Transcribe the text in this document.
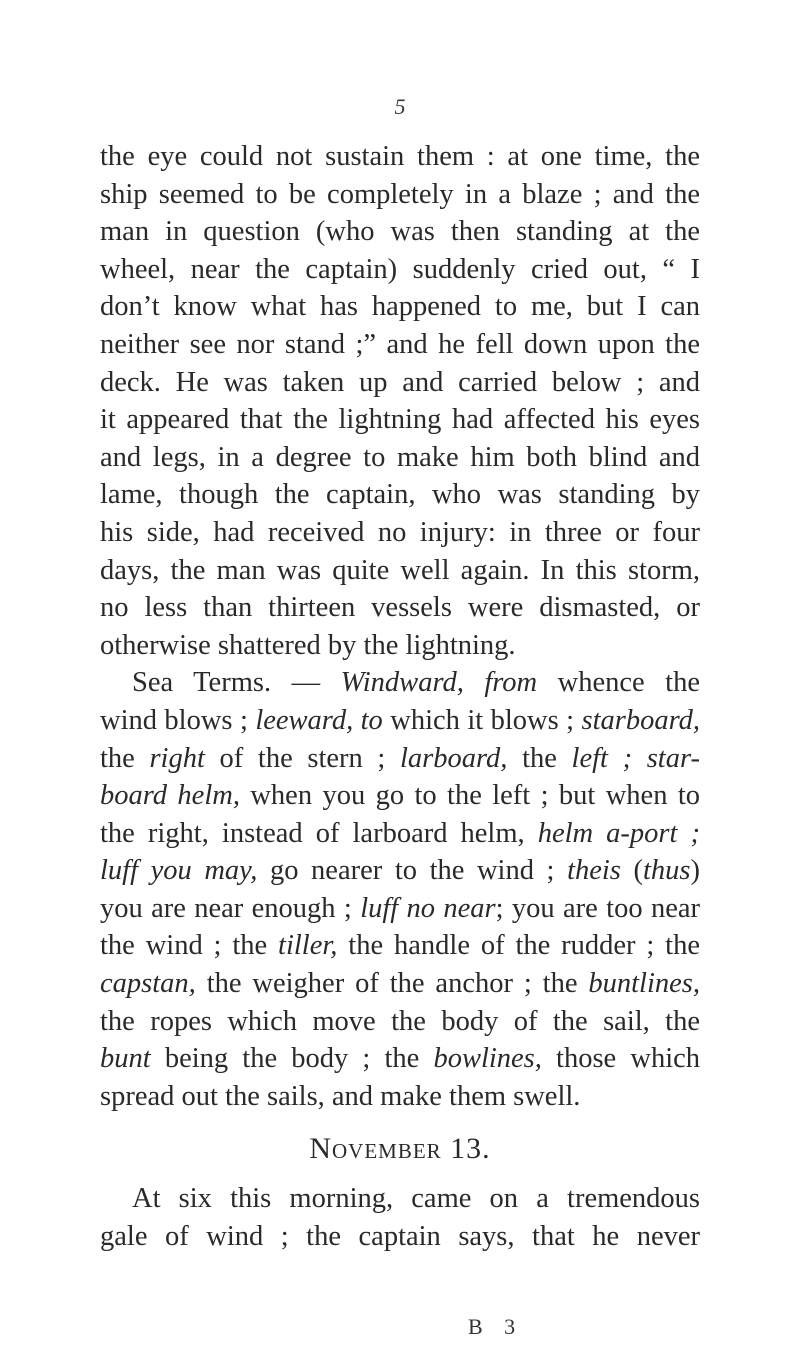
5
the eye could not sustain them : at one time, the
ship seemed to be completely in a blaze ; and the
man in question (who was then standing at the
wheel, near the captain) suddenly cried out, “ I
don’t know what has happened to me, but I can
neither see nor stand ;” and he fell down upon the
deck. He was taken up and carried below ; and
it appeared that the lightning had affected his eyes
and legs, in a degree to make him both blind and
lame, though the captain, who was standing by
his side, had received no injury: in three or four
days, the man was quite well again. In this storm,
no less than thirteen vessels were dismasted, or
otherwise shattered by the lightning.
Sea Terms. — Windward, from whence the
wind blows ; leeward, to which it blows ; starboard,
the right of the stern ; larboard, the left ; star-
board helm, when you go to the left ; but when to
the right, instead of larboard helm, helm a-port ;
luff you may, go nearer to the wind ; theis (thus)
you are near enough ; luff no near; you are too near
the wind ; the tiller, the handle of the rudder ; the
capstan, the weigher of the anchor ; the buntlines,
the ropes which move the body of the sail, the
bunt being the body ; the bowlines, those which
spread out the sails, and make them swell.
November 13.
At six this morning, came on a tremendous
gale of wind ; the captain says, that he never
B 3
